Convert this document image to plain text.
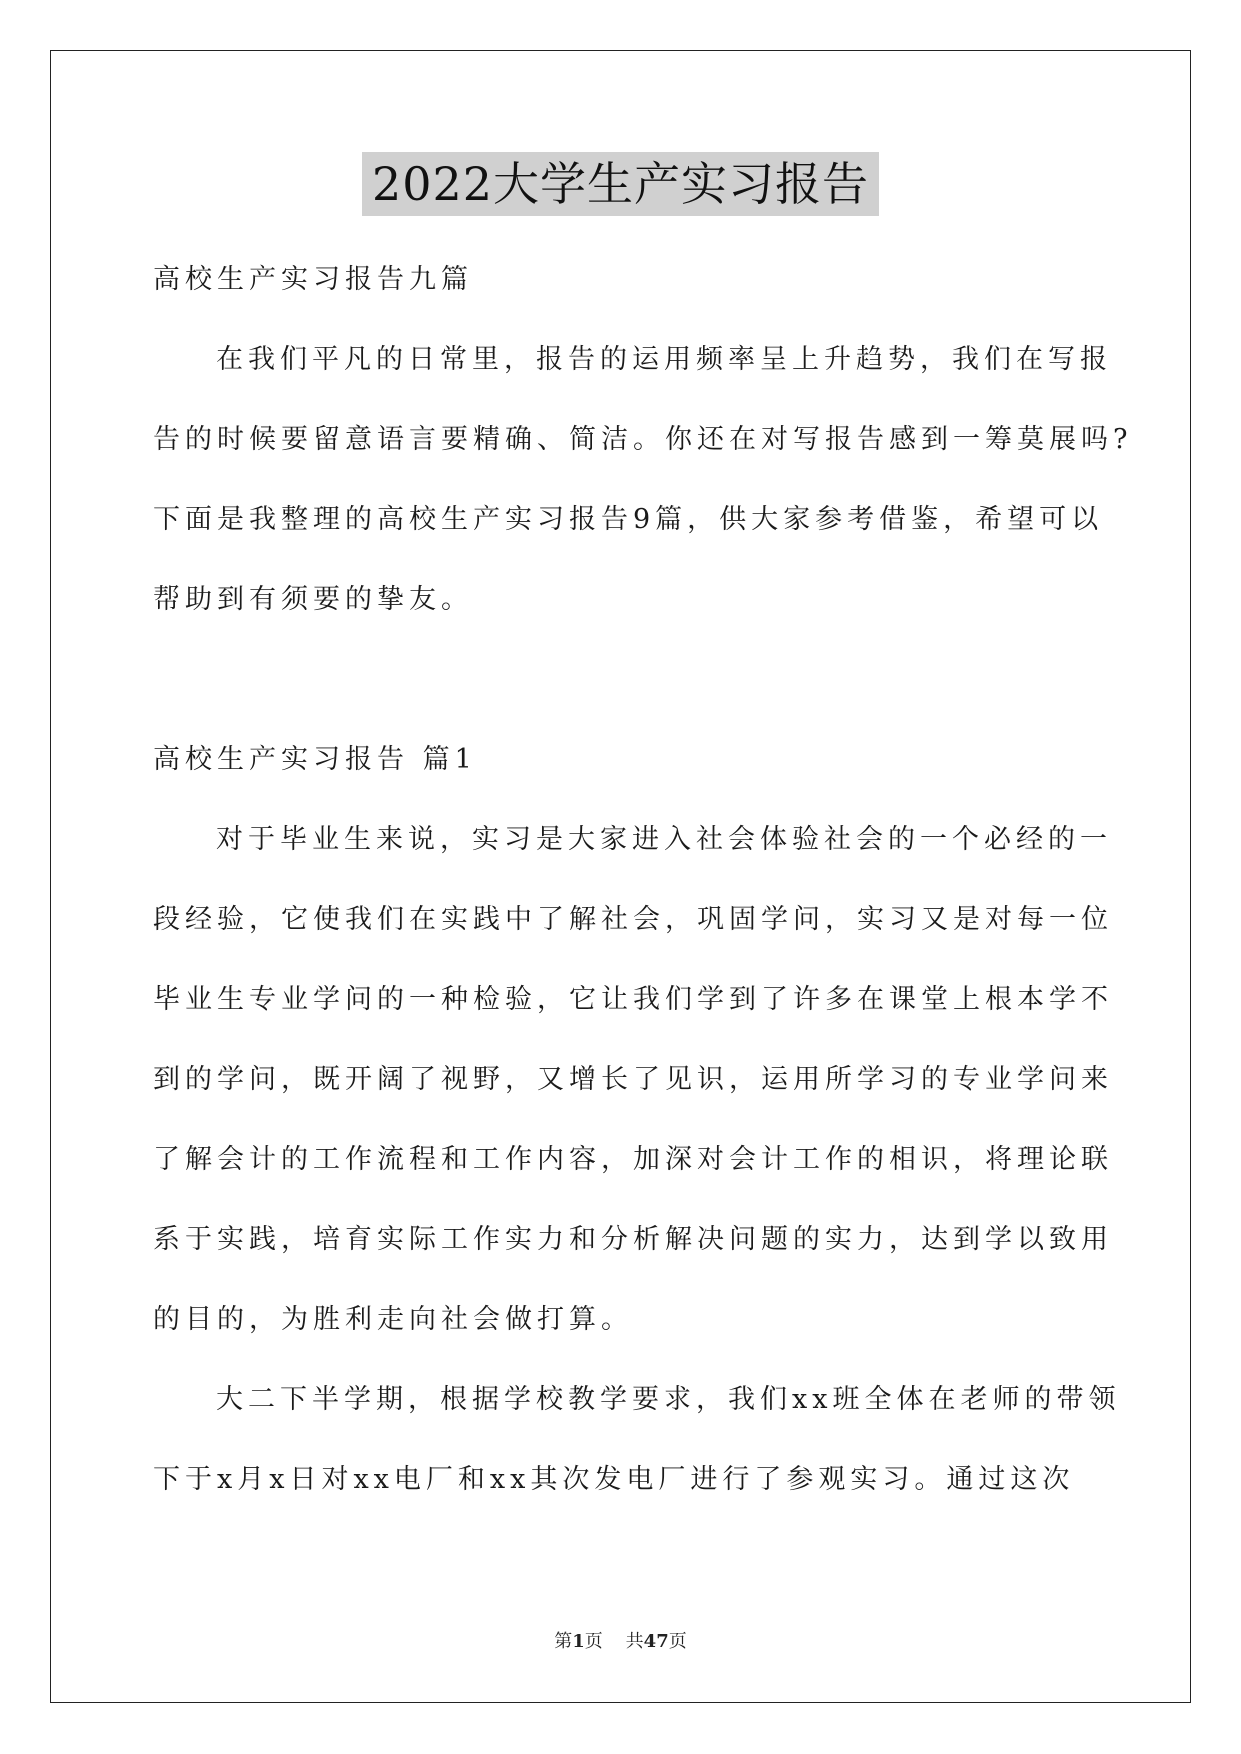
2022大学生产实习报告
高校生产实习报告九篇
在我们平凡的日常里，报告的运用频率呈上升趋势，我们在写报
告的时候要留意语言要精确、简洁。你还在对写报告感到一筹莫展吗?
下面是我整理的高校生产实习报告9篇，供大家参考借鉴，希望可以
帮助到有须要的挚友。
高校生产实习报告 篇1
对于毕业生来说，实习是大家进入社会体验社会的一个必经的一
段经验，它使我们在实践中了解社会，巩固学问，实习又是对每一位
毕业生专业学问的一种检验，它让我们学到了许多在课堂上根本学不
到的学问，既开阔了视野，又增长了见识，运用所学习的专业学问来
了解会计的工作流程和工作内容，加深对会计工作的相识，将理论联
系于实践，培育实际工作实力和分析解决问题的实力，达到学以致用
的目的，为胜利走向社会做打算。
大二下半学期，根据学校教学要求，我们xx班全体在老师的带领
下于x月x日对xx电厂和xx其次发电厂进行了参观实习。通过这次
第1页 共47页
